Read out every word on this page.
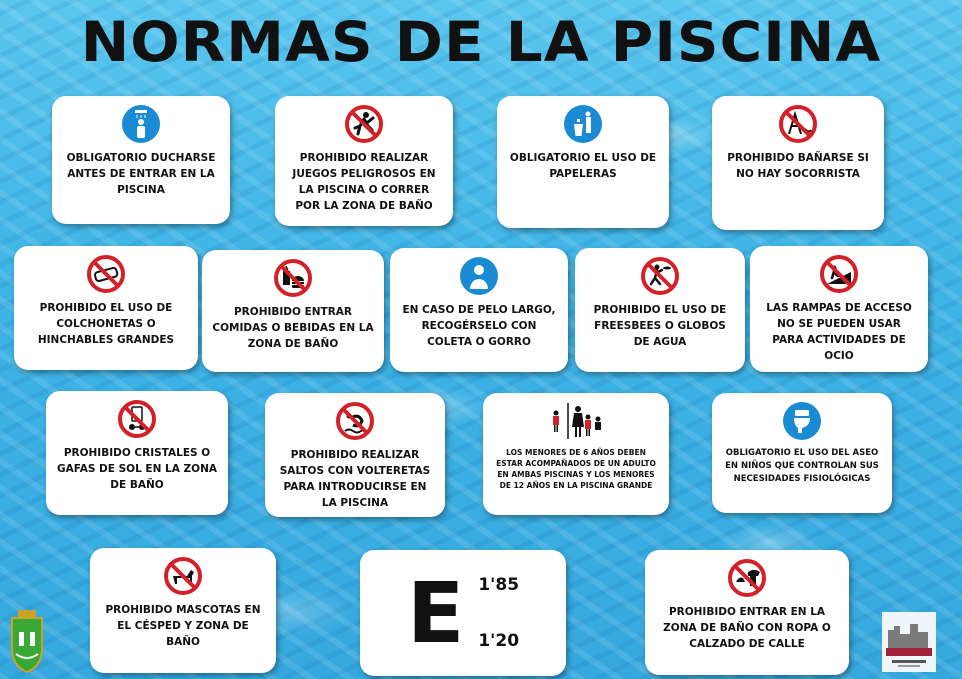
NORMAS DE LA PISCINA
OBLIGATORIO DUCHARSE ANTES DE ENTRAR EN LA PISCINA
PROHIBIDO REALIZAR JUEGOS PELIGROSOS EN LA PISCINA O CORRER POR LA ZONA DE BAÑO
OBLIGATORIO EL USO DE PAPELERAS
PROHIBIDO BAÑARSE SI NO HAY SOCORRISTA
PROHIBIDO EL USO DE COLCHONETAS O HINCHABLES GRANDES
PROHIBIDO ENTRAR COMIDAS O BEBIDAS EN LA ZONA DE BAÑO
EN CASO DE PELO LARGO, RECOGÉRSELO CON COLETA O GORRO
PROHIBIDO EL USO DE FREESBEES O GLOBOS DE AGUA
LAS RAMPAS DE ACCESO NO SE PUEDEN USAR PARA ACTIVIDADES DE OCIO
PROHIBIDO CRISTALES O GAFAS DE SOL EN LA ZONA DE BAÑO
PROHIBIDO REALIZAR SALTOS CON VOLTERETAS PARA INTRODUCIRSE EN LA PISCINA
LOS MENORES DE 6 AÑOS DEBEN ESTAR ACOMPAÑADOS DE UN ADULTO EN AMBAS PISCINAS Y LOS MENORES DE 12 AÑOS EN LA PISCINA GRANDE
OBLIGATORIO EL USO DEL ASEO EN NIÑOS QUE CONTROLAN SUS NECESIDADES FISIOLÓGICAS
PROHIBIDO MASCOTAS EN EL CÉSPED Y ZONA DE BAÑO	E 1'85
1'20
PROHIBIDO ENTRAR EN LA ZONA DE BAÑO CON ROPA O CALZADO DE CALLE
